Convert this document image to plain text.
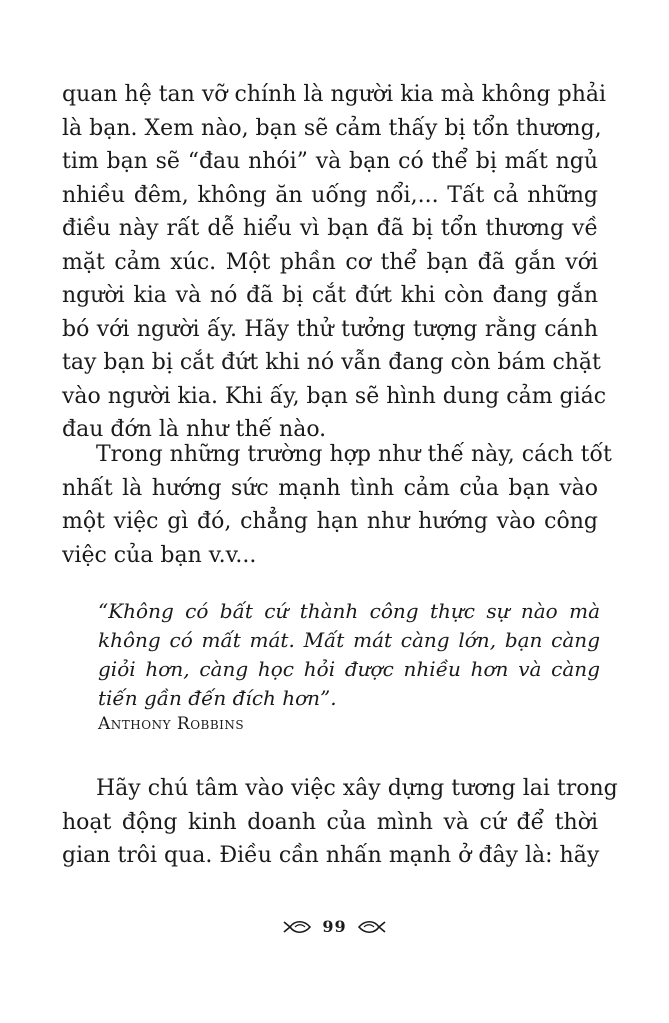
quan hệ tan vỡ chính là người kia mà không phải
là bạn. Xem nào, bạn sẽ cảm thấy bị tổn thương,
tim bạn sẽ “đau nhói” và bạn có thể bị mất ngủ
nhiều đêm, không ăn uống nổi,... Tất cả những
điều này rất dễ hiểu vì bạn đã bị tổn thương về
mặt cảm xúc. Một phần cơ thể bạn đã gắn với
người kia và nó đã bị cắt đứt khi còn đang gắn
bó với người ấy. Hãy thử tưởng tượng rằng cánh
tay bạn bị cắt đứt khi nó vẫn đang còn bám chặt
vào người kia. Khi ấy, bạn sẽ hình dung cảm giác
đau đớn là như thế nào.
Trong những trường hợp như thế này, cách tốt
nhất là hướng sức mạnh tình cảm của bạn vào
một việc gì đó, chẳng hạn như hướng vào công
việc của bạn v.v...
“Không có bất cứ thành công thực sự nào mà
không có mất mát. Mất mát càng lớn, bạn càng
giỏi hơn, càng học hỏi được nhiều hơn và càng
tiến gần đến đích hơn”.
Anthony Robbins
Hãy chú tâm vào việc xây dựng tương lai trong
hoạt động kinh doanh của mình và cứ để thời
gian trôi qua. Điều cần nhấn mạnh ở đây là: hãy
99
